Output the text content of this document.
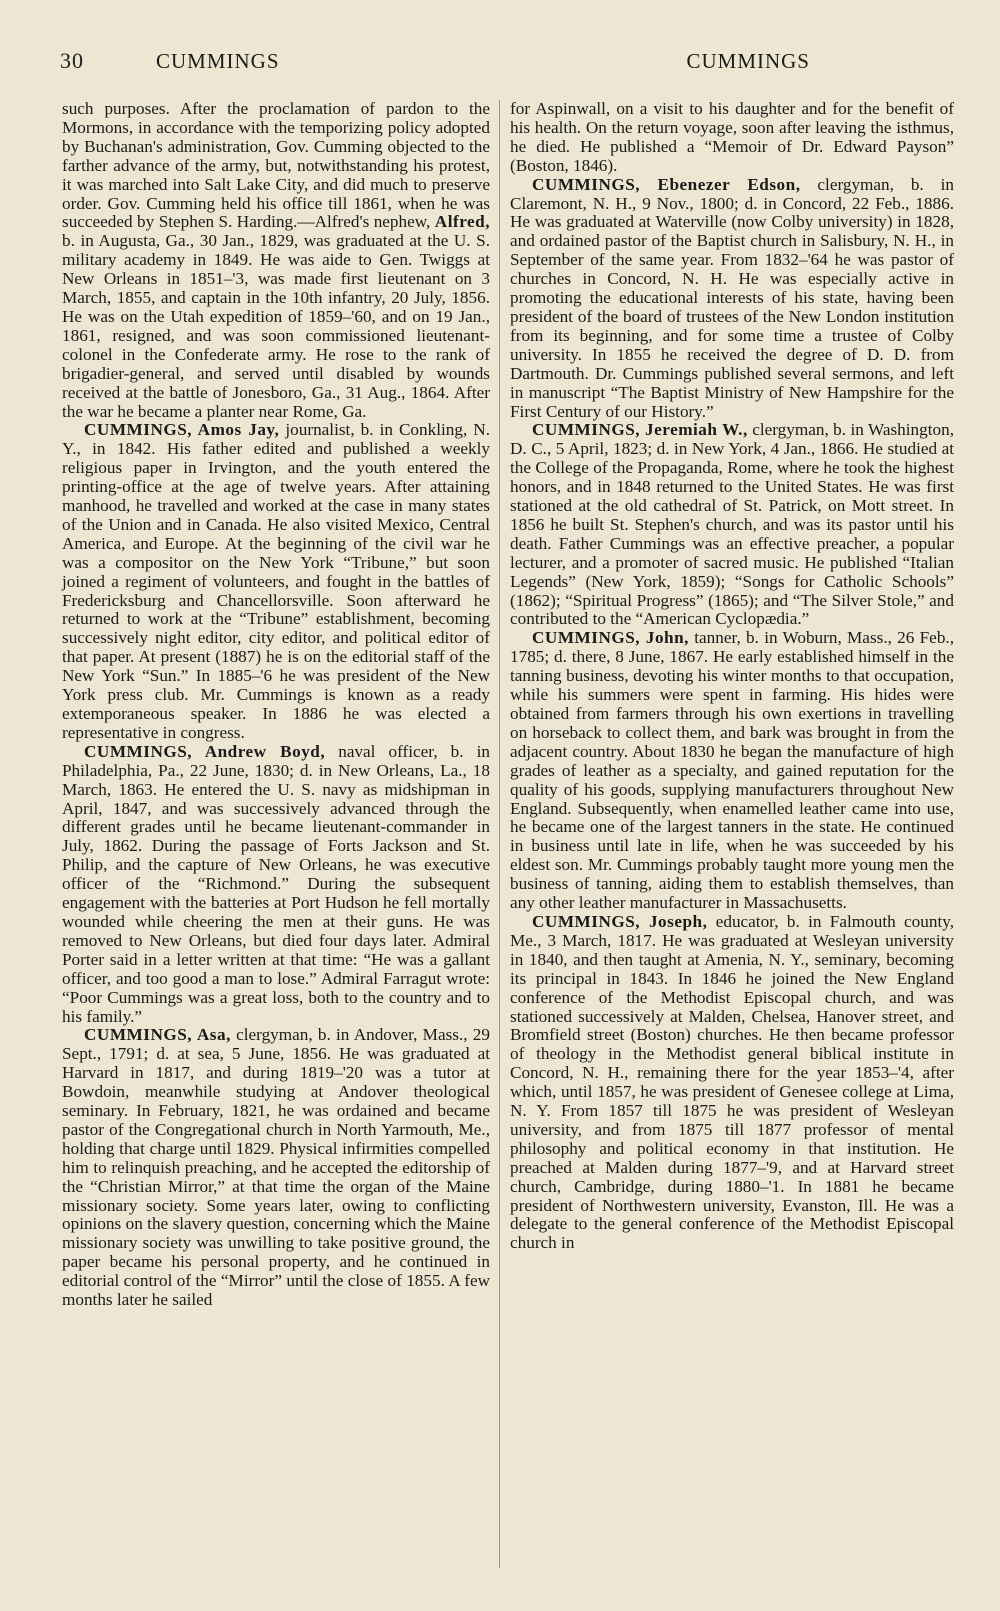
30	CUMMINGS	CUMMINGS

such purposes. After the proclamation of pardon to the Mormons, in accordance with the temporizing policy adopted by Buchanan's administration, Gov. Cumming objected to the farther advance of the army, but, notwithstanding his protest, it was marched into Salt Lake City, and did much to preserve order. Gov. Cumming held his office till 1861, when he was succeeded by Stephen S. Harding.—Alfred's nephew, Alfred, b. in Augusta, Ga., 30 Jan., 1829, was graduated at the U. S. military academy in 1849. He was aide to Gen. Twiggs at New Orleans in 1851–'3, was made first lieutenant on 3 March, 1855, and captain in the 10th infantry, 20 July, 1856. He was on the Utah expedition of 1859–'60, and on 19 Jan., 1861, resigned, and was soon commissioned lieutenant-colonel in the Confederate army. He rose to the rank of brigadier-general, and served until disabled by wounds received at the battle of Jonesboro, Ga., 31 Aug., 1864. After the war he became a planter near Rome, Ga.

CUMMINGS, Amos Jay, journalist, b. in Conkling, N. Y., in 1842. His father edited and published a weekly religious paper in Irvington, and the youth entered the printing-office at the age of twelve years. After attaining manhood, he travelled and worked at the case in many states of the Union and in Canada. He also visited Mexico, Central America, and Europe. At the beginning of the civil war he was a compositor on the New York “Tribune,” but soon joined a regiment of volunteers, and fought in the battles of Fredericksburg and Chancellorsville. Soon afterward he returned to work at the “Tribune” establishment, becoming successively night editor, city editor, and political editor of that paper. At present (1887) he is on the editorial staff of the New York “Sun.” In 1885–'6 he was president of the New York press club. Mr. Cummings is known as a ready extemporaneous speaker. In 1886 he was elected a representative in congress.

CUMMINGS, Andrew Boyd, naval officer, b. in Philadelphia, Pa., 22 June, 1830; d. in New Orleans, La., 18 March, 1863. He entered the U. S. navy as midshipman in April, 1847, and was successively advanced through the different grades until he became lieutenant-commander in July, 1862. During the passage of Forts Jackson and St. Philip, and the capture of New Orleans, he was executive officer of the “Richmond.” During the subsequent engagement with the batteries at Port Hudson he fell mortally wounded while cheering the men at their guns. He was removed to New Orleans, but died four days later. Admiral Porter said in a letter written at that time: “He was a gallant officer, and too good a man to lose.” Admiral Farragut wrote: “Poor Cummings was a great loss, both to the country and to his family.”

CUMMINGS, Asa, clergyman, b. in Andover, Mass., 29 Sept., 1791; d. at sea, 5 June, 1856. He was graduated at Harvard in 1817, and during 1819–'20 was a tutor at Bowdoin, meanwhile studying at Andover theological seminary. In February, 1821, he was ordained and became pastor of the Congregational church in North Yarmouth, Me., holding that charge until 1829. Physical infirmities compelled him to relinquish preaching, and he accepted the editorship of the “Christian Mirror,” at that time the organ of the Maine missionary society. Some years later, owing to conflicting opinions on the slavery question, concerning which the Maine missionary society was unwilling to take positive ground, the paper became his personal property, and he continued in editorial control of the “Mirror” until the close of 1855. A few months later he sailed

for Aspinwall, on a visit to his daughter and for the benefit of his health. On the return voyage, soon after leaving the isthmus, he died. He published a “Memoir of Dr. Edward Payson” (Boston, 1846).

CUMMINGS, Ebenezer Edson, clergyman, b. in Claremont, N. H., 9 Nov., 1800; d. in Concord, 22 Feb., 1886. He was graduated at Waterville (now Colby university) in 1828, and ordained pastor of the Baptist church in Salisbury, N. H., in September of the same year. From 1832–'64 he was pastor of churches in Concord, N. H. He was especially active in promoting the educational interests of his state, having been president of the board of trustees of the New London institution from its beginning, and for some time a trustee of Colby university. In 1855 he received the degree of D. D. from Dartmouth. Dr. Cummings published several sermons, and left in manuscript “The Baptist Ministry of New Hampshire for the First Century of our History.”

CUMMINGS, Jeremiah W., clergyman, b. in Washington, D. C., 5 April, 1823; d. in New York, 4 Jan., 1866. He studied at the College of the Propaganda, Rome, where he took the highest honors, and in 1848 returned to the United States. He was first stationed at the old cathedral of St. Patrick, on Mott street. In 1856 he built St. Stephen's church, and was its pastor until his death. Father Cummings was an effective preacher, a popular lecturer, and a promoter of sacred music. He published “Italian Legends” (New York, 1859); “Songs for Catholic Schools” (1862); “Spiritual Progress” (1865); and “The Silver Stole,” and contributed to the “American Cyclopædia.”

CUMMINGS, John, tanner, b. in Woburn, Mass., 26 Feb., 1785; d. there, 8 June, 1867. He early established himself in the tanning business, devoting his winter months to that occupation, while his summers were spent in farming. His hides were obtained from farmers through his own exertions in travelling on horseback to collect them, and bark was brought in from the adjacent country. About 1830 he began the manufacture of high grades of leather as a specialty, and gained reputation for the quality of his goods, supplying manufacturers throughout New England. Subsequently, when enamelled leather came into use, he became one of the largest tanners in the state. He continued in business until late in life, when he was succeeded by his eldest son. Mr. Cummings probably taught more young men the business of tanning, aiding them to establish themselves, than any other leather manufacturer in Massachusetts.

CUMMINGS, Joseph, educator, b. in Falmouth county, Me., 3 March, 1817. He was graduated at Wesleyan university in 1840, and then taught at Amenia, N. Y., seminary, becoming its principal in 1843. In 1846 he joined the New England conference of the Methodist Episcopal church, and was stationed successively at Malden, Chelsea, Hanover street, and Bromfield street (Boston) churches. He then became professor of theology in the Methodist general biblical institute in Concord, N. H., remaining there for the year 1853–'4, after which, until 1857, he was president of Genesee college at Lima, N. Y. From 1857 till 1875 he was president of Wesleyan university, and from 1875 till 1877 professor of mental philosophy and political economy in that institution. He preached at Malden during 1877–'9, and at Harvard street church, Cambridge, during 1880–'1. In 1881 he became president of Northwestern university, Evanston, Ill. He was a delegate to the general conference of the Methodist Episcopal church in
